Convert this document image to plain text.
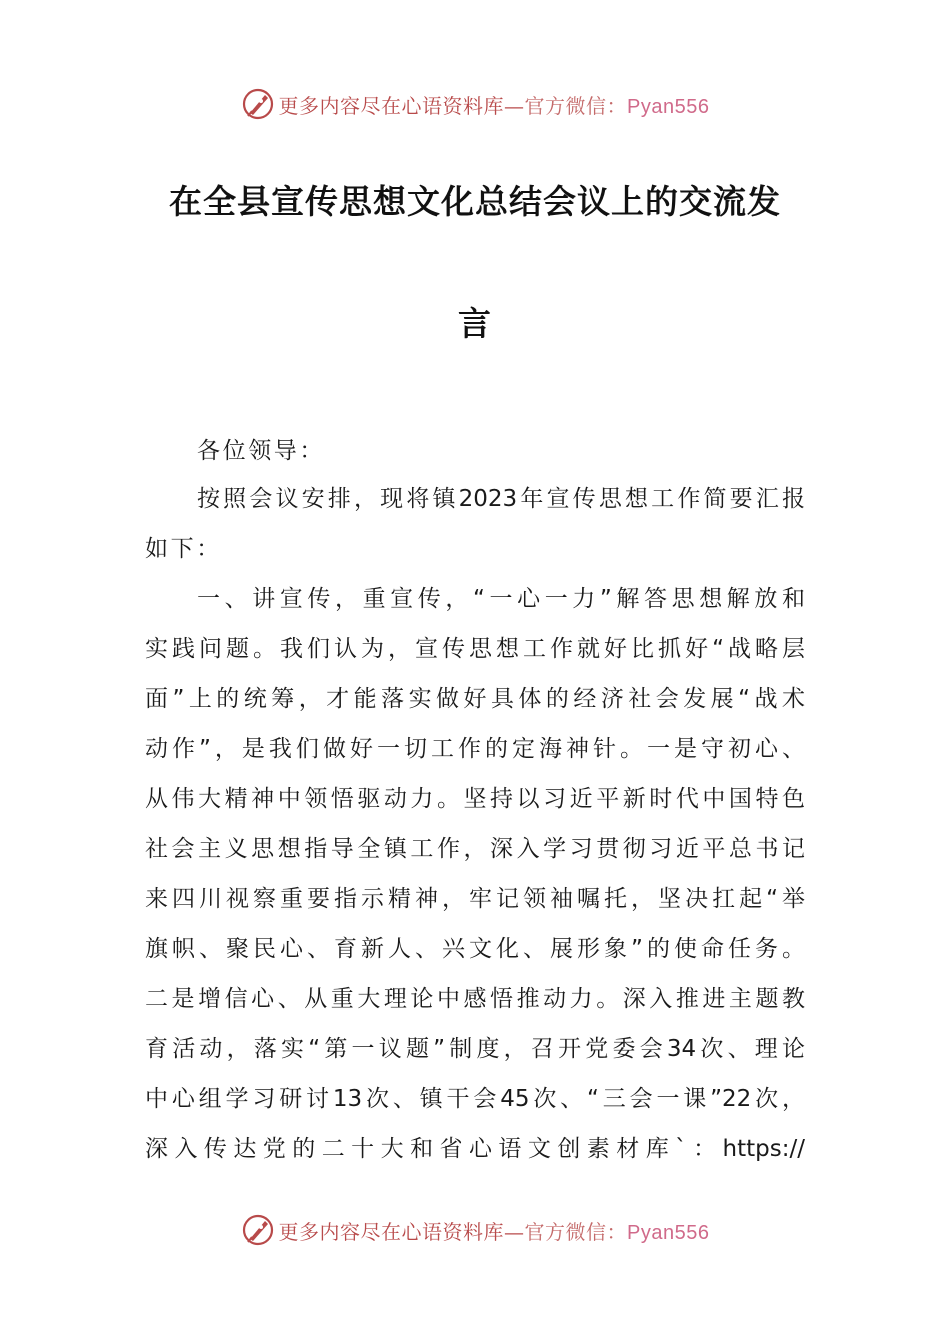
更多内容尽在心语资料库—官方微信：Pyan556
在全县宣传思想文化总结会议上的交流发
言
各位领导：
按照会议安排，现将镇2023年宣传思想工作简要汇报
如下：
一、讲宣传，重宣传，“一心一力”解答思想解放和
实践问题。我们认为，宣传思想工作就好比抓好“战略层
面”上的统筹，才能落实做好具体的经济社会发展“战术
动作”，是我们做好一切工作的定海神针。一是守初心、
从伟大精神中领悟驱动力。坚持以习近平新时代中国特色
社会主义思想指导全镇工作，深入学习贯彻习近平总书记
来四川视察重要指示精神，牢记领袖嘱托，坚决扛起“举
旗帜、聚民心、育新人、兴文化、展形象”的使命任务。
二是增信心、从重大理论中感悟推动力。深入推进主题教
育活动，落实“第一议题”制度，召开党委会34次、理论
中心组学习研讨13次、镇干会45次、“三会一课”22次，
深入传达党的二十大和省心语文创素材库`：https://
更多内容尽在心语资料库—官方微信：Pyan556
